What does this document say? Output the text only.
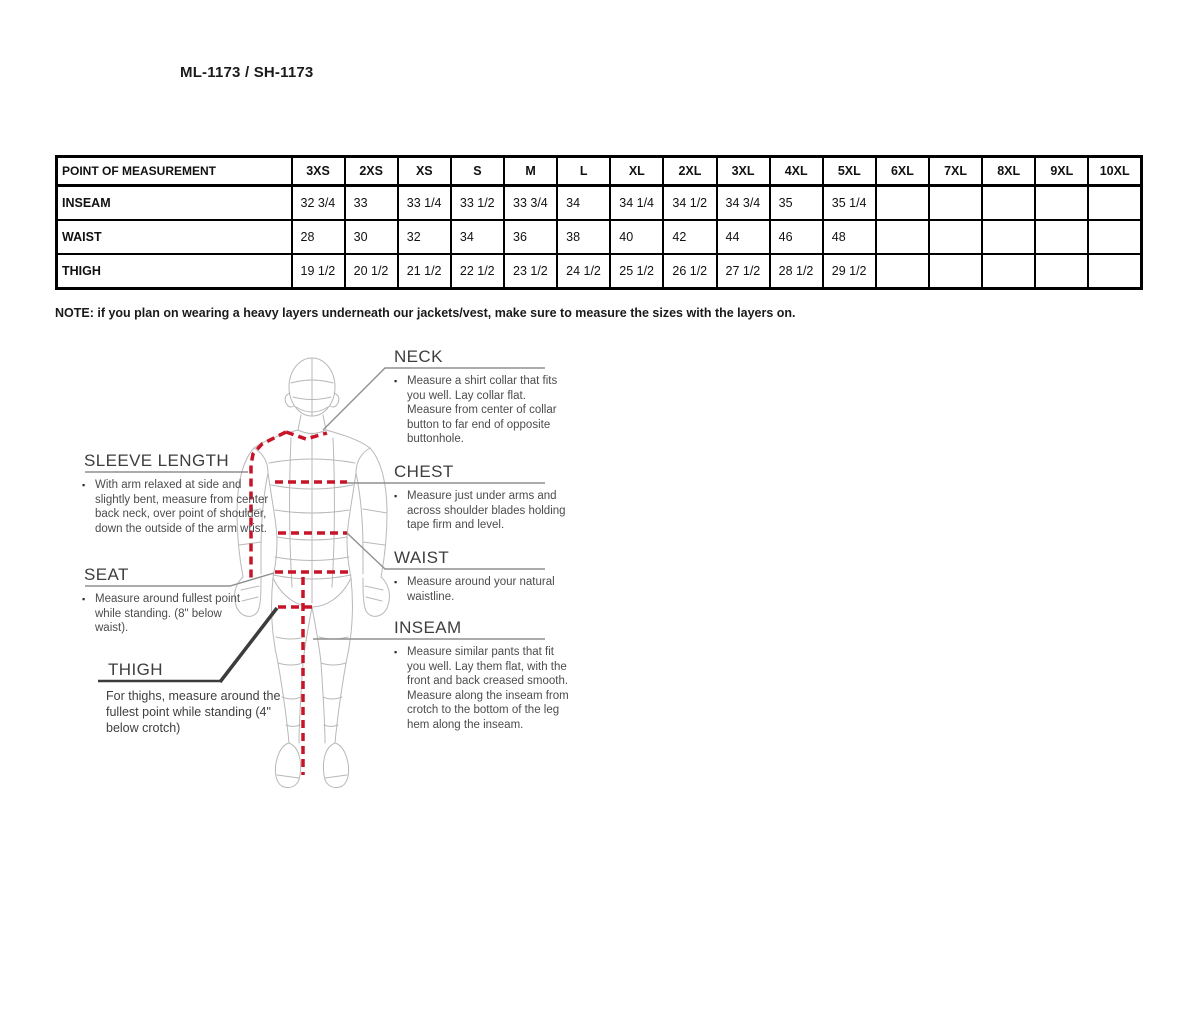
ML-1173 / SH-1173
POINT OF MEASUREMENT	3XS	2XS	XS	S	M	L	XL	2XL	3XL	4XL	5XL	6XL	7XL	8XL	9XL	10XL
INSEAM	32 3/4	33	33 1/4	33 1/2	33 3/4	34	34 1/4	34 1/2	34 3/4	35	35 1/4					
WAIST	28	30	32	34	36	38	40	42	44	46	48					
THIGH	19 1/2	20 1/2	21 1/2	22 1/2	23 1/2	24 1/2	25 1/2	26 1/2	27 1/2	28 1/2	29 1/2					
NOTE: if you plan on wearing a heavy layers underneath our jackets/vest, make sure to measure the sizes with the layers on.
NECK
▪ Measure a shirt collar that fits you well. Lay collar flat. Measure from center of collar button to far end of opposite buttonhole.
CHEST
▪ Measure just under arms and across shoulder blades holding tape firm and level.
WAIST
▪ Measure around your natural waistline.
INSEAM
▪ Measure similar pants that fit you well. Lay them flat, with the front and back creased smooth. Measure along the inseam from crotch to the bottom of the leg hem along the inseam.
SLEEVE LENGTH
▪ With arm relaxed at side and slightly bent, measure from center back neck, over point of shoulder, down the outside of the arm wrist.
SEAT
▪ Measure around fullest point while standing. (8" below waist).
THIGH
For thighs, measure around the fullest point while standing (4" below crotch)
